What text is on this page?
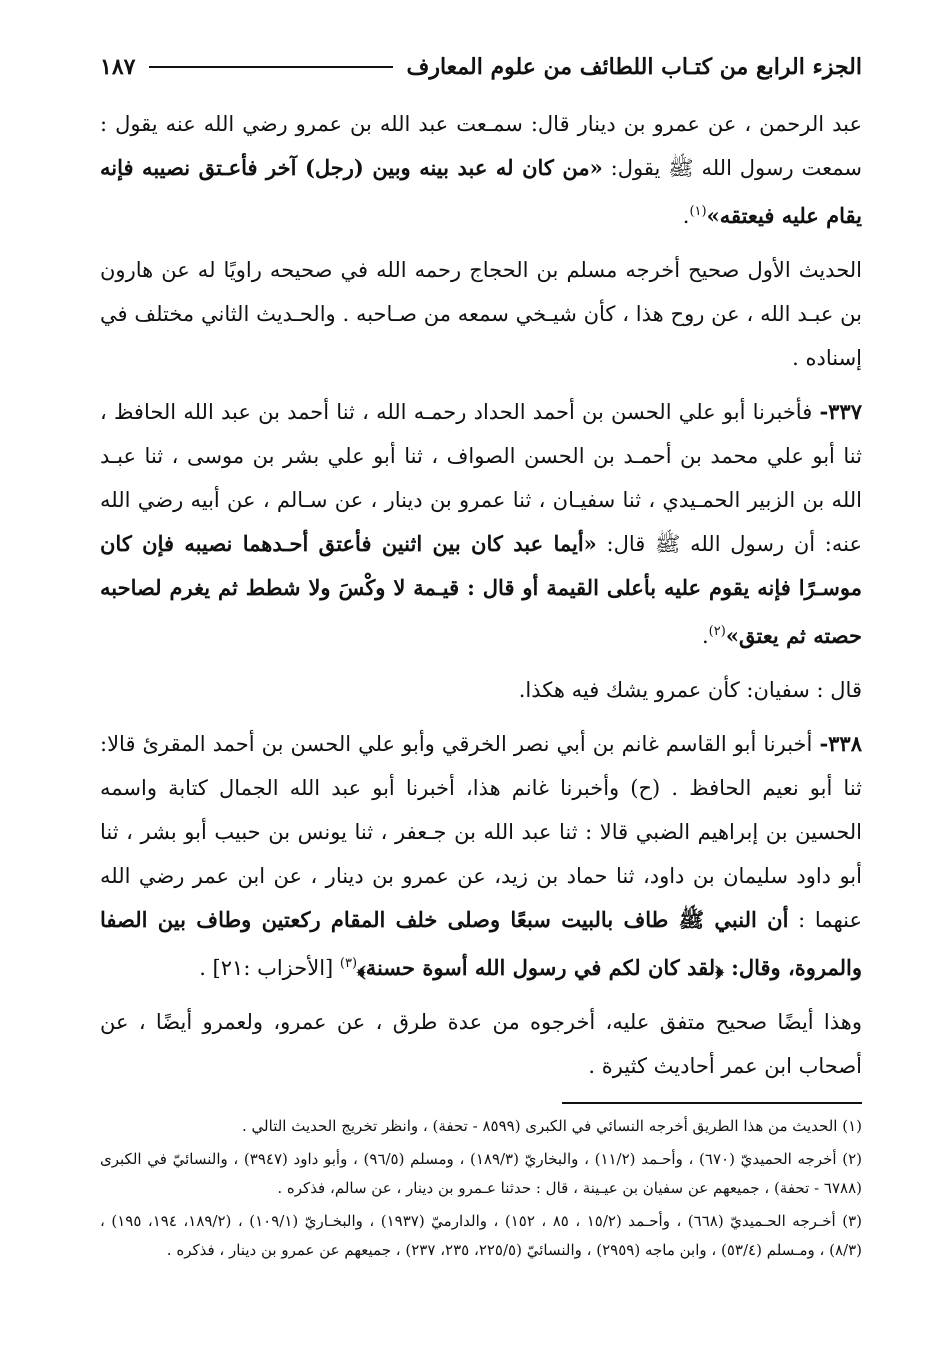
الجزء الرابع من كتـاب اللطائف من علوم المعارف
١٨٧

عبد الرحمن ، عن عمرو بن دينار قال: سمـعت عبد الله بن عمرو رضي الله عنه يقول : سمعت رسول الله ﷺ يقول: «من كان له عبد بينه وبين (رجل) آخر فأعـتق نصيبه فإنه يقام عليه فيعتقه»$^{(١)}$.

الحديث الأول صحيح أخرجه مسلم بن الحجاج رحمه الله في صحيحه راويًا له عن هارون بن عبـد الله ، عن روح هذا ، كأن شيـخي سمعه من صـاحبه . والحـديث الثاني مختلف في إسناده .

٣٣٧- فأخبرنا أبو علي الحسن بن أحمد الحداد رحمـه الله ، ثنا أحمد بن عبد الله الحافظ ، ثنا أبو علي محمد بن أحمـد بن الحسن الصواف ، ثنا أبو علي بشر بن موسى ، ثنا عبـد الله بن الزبير الحمـيدي ، ثنا سفيـان ، ثنا عمرو بن دينار ، عن سـالم ، عن أبيه رضي الله عنه: أن رسول الله ﷺ قال: «أيما عبد كان بين اثنين فأعتق أحـدهما نصيبه فإن كان موسـرًا فإنه يقوم عليه بأعلى القيمة أو قال : قيـمة لا وكْسَ ولا شطط ثم يغرم لصاحبه حصته ثم يعتق»$^{(٢)}$.

قال : سفيان: كأن عمرو يشك فيه هكذا.

٣٣٨- أخبرنا أبو القاسم غانم بن أبي نصر الخرقي وأبو علي الحسن بن أحمد المقرئ قالا: ثنا أبو نعيم الحافظ . (ح) وأخبرنا غانم هذا، أخبرنا أبو عبد الله الجمال كتابة واسمه الحسين بن إبراهيم الضبي قالا : ثنا عبد الله بن جـعفر ، ثنا يونس بن حبيب أبو بشر ، ثنا أبو داود سليمان بن داود، ثنا حماد بن زيد، عن عمرو بن دينار ، عن ابن عمر رضي الله عنهما : أن النبي ﷺ طاف بالبيت سبعًا وصلى خلف المقام ركعتين وطاف بين الصفا والمروة، وقال: ﴿لقد كان لكم في رسول الله أسوة حسنة﴾$^{(٣)}$ [الأحزاب :٢١] .

وهذا أيضًا صحيح متفق عليه، أخرجوه من عدة طرق ، عن عمرو، ولعمرو أيضًا ، عن أصحاب ابن عمر أحاديث كثيرة .

(١) الحديث من هذا الطريق أخرجه النسائي في الكبرى (٨٥٩٩ - تحفة) ، وانظر تخريج الحديث التالي .

(٢) أخرجه الحميديّ (٦٧٠) ، وأحـمد (١١/٢) ، والبخاريّ (١٨٩/٣) ، ومسلم (٩٦/٥) ، وأبو داود (٣٩٤٧) ، والنسائيّ في الكبرى (٦٧٨٨ - تحفة) ، جميعهم عن سفيان بن عيـينة ، قال : حدثنا عـمرو بن دينار ، عن سالم، فذكره .

(٣) أخـرجه الحـميديّ (٦٦٨) ، وأحـمد (١٥/٢ ، ٨٥ ، ١٥٢) ، والدارميّ (١٩٣٧) ، والبخـاريّ (١٠٩/١) ، (١٨٩/٢، ١٩٤، ١٩٥) ، (٨/٣) ، ومـسلم (٥٣/٤) ، وابن ماجه (٢٩٥٩) ، والنسائيّ (٢٢٥/٥، ٢٣٥، ٢٣٧) ، جميعهم عن عمرو بن دينار ، فذكره .
